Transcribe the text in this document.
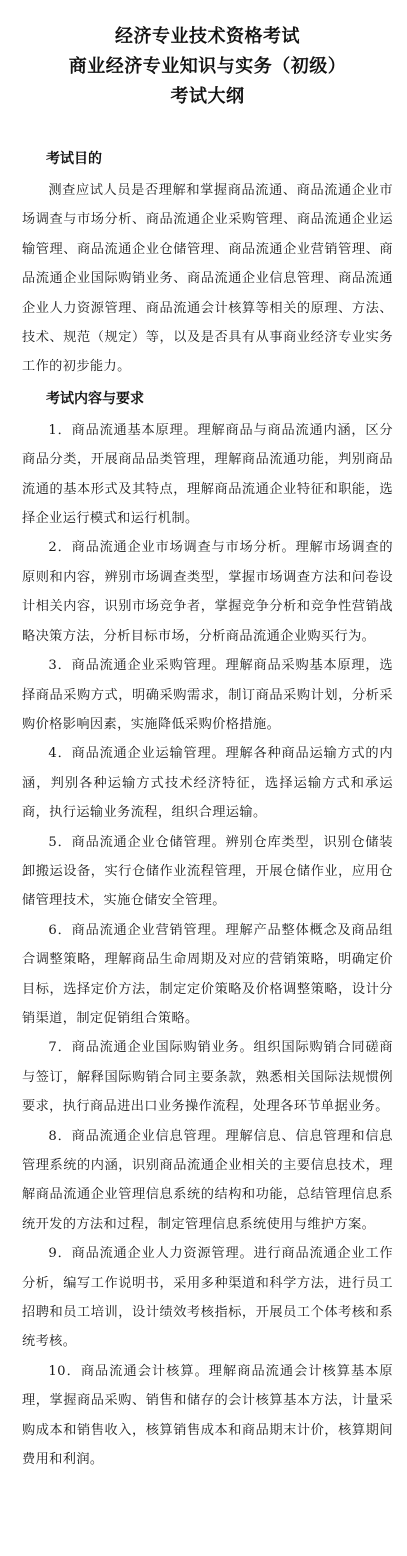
经济专业技术资格考试
商业经济专业知识与实务（初级）
考试大纲
考试目的

测查应试人员是否理解和掌握商品流通、商品流通企业市场调查与市场分析、商品流通企业采购管理、商品流通企业运输管理、商品流通企业仓储管理、商品流通企业营销管理、商品流通企业国际购销业务、商品流通企业信息管理、商品流通企业人力资源管理、商品流通会计核算等相关的原理、方法、技术、规范（规定）等，以及是否具有从事商业经济专业实务工作的初步能力。

考试内容与要求

1．商品流通基本原理。理解商品与商品流通内涵，区分商品分类，开展商品品类管理，理解商品流通功能，判别商品流通的基本形式及其特点，理解商品流通企业特征和职能，选择企业运行模式和运行机制。

2．商品流通企业市场调查与市场分析。理解市场调查的原则和内容，辨别市场调查类型，掌握市场调查方法和问卷设计相关内容，识别市场竞争者，掌握竞争分析和竞争性营销战略决策方法，分析目标市场，分析商品流通企业购买行为。

3．商品流通企业采购管理。理解商品采购基本原理，选择商品采购方式，明确采购需求，制订商品采购计划，分析采购价格影响因素，实施降低采购价格措施。

4．商品流通企业运输管理。理解各种商品运输方式的内涵，判别各种运输方式技术经济特征，选择运输方式和承运商，执行运输业务流程，组织合理运输。

5．商品流通企业仓储管理。辨别仓库类型，识别仓储装卸搬运设备，实行仓储作业流程管理，开展仓储作业，应用仓储管理技术，实施仓储安全管理。

6．商品流通企业营销管理。理解产品整体概念及商品组合调整策略，理解商品生命周期及对应的营销策略，明确定价目标，选择定价方法，制定定价策略及价格调整策略，设计分销渠道，制定促销组合策略。

7．商品流通企业国际购销业务。组织国际购销合同磋商与签订，解释国际购销合同主要条款，熟悉相关国际法规惯例要求，执行商品进出口业务操作流程，处理各环节单据业务。

8．商品流通企业信息管理。理解信息、信息管理和信息管理系统的内涵，识别商品流通企业相关的主要信息技术，理解商品流通企业管理信息系统的结构和功能，总结管理信息系统开发的方法和过程，制定管理信息系统使用与维护方案。

9．商品流通企业人力资源管理。进行商品流通企业工作分析，编写工作说明书，采用多种渠道和科学方法，进行员工招聘和员工培训，设计绩效考核指标，开展员工个体考核和系统考核。

10．商品流通会计核算。理解商品流通会计核算基本原理，掌握商品采购、销售和储存的会计核算基本方法，计量采购成本和销售收入，核算销售成本和商品期末计价，核算期间费用和利润。
